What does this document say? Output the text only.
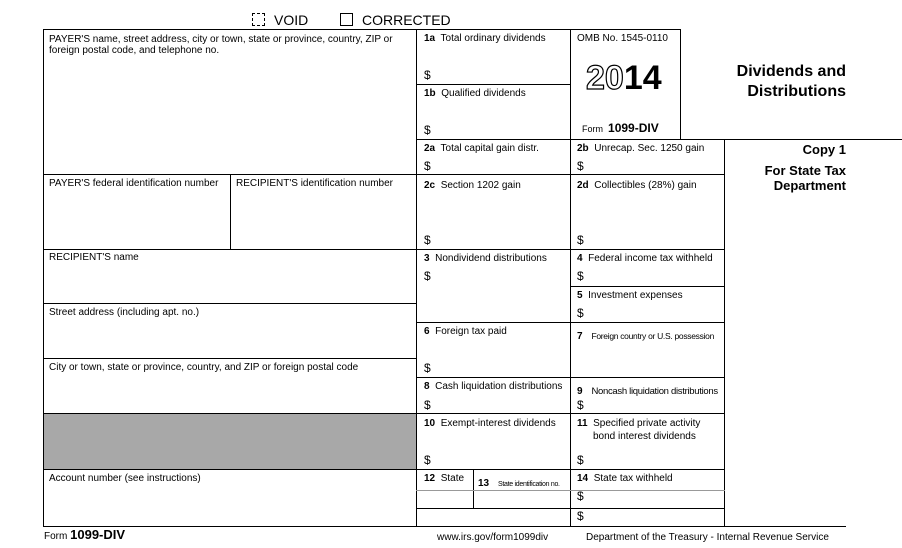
VOID	CORRECTED
PAYER'S name, street address, city or town, state or province, country, ZIP or foreign postal code, and telephone no.
PAYER'S federal identification number RECIPIENT'S identification number
RECIPIENT'S name
Street address (including apt. no.)
City or town, state or province, country, and ZIP or foreign postal code
Account number (see instructions)
1a Total ordinary dividends
$
1b Qualified dividends
$
2a Total capital gain distr.
$
2c Section 1202 gain
$
3 Nondividend distributions
$
6 Foreign tax paid
$
8 Cash liquidation distributions
$
10 Exempt-interest dividends
$
12 State 13 State identification no.
OMB No. 1545-0110
2014
Form 1099-DIV
2b Unrecap. Sec. 1250 gain
$
2d Collectibles (28%) gain
$
4 Federal income tax withheld
$
5 Investment expenses
$
7 Foreign country or U.S. possession
9 Noncash liquidation distributions
$
11 Specified private activity
bond interest dividends
$
14 State tax withheld
$
$
Dividends and
Distributions
Copy 1
For State Tax
Department
Form 1099-DIV	www.irs.gov/form1099div	Department of the Treasury - Internal Revenue Service
